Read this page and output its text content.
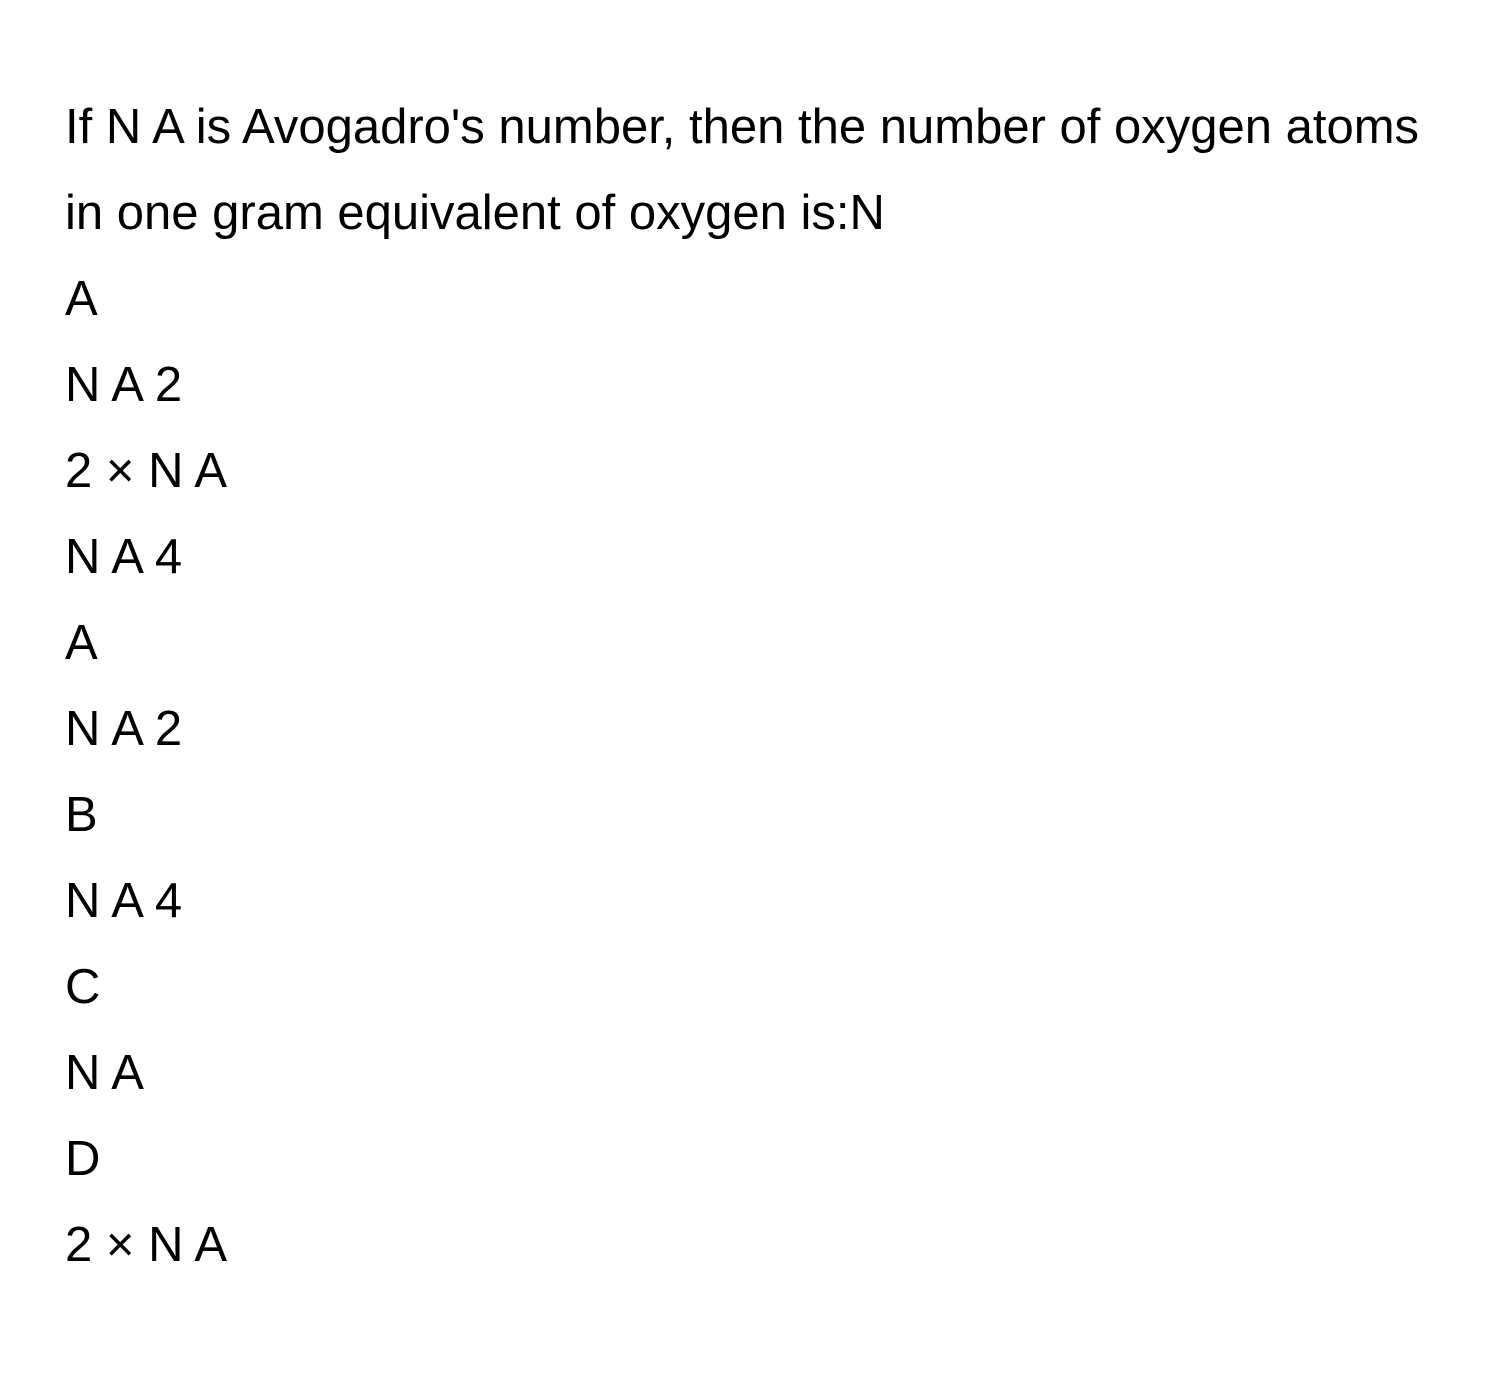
If N A is Avogadro's number, then the number of oxygen atoms in one gram equivalent of oxygen is:N

A

N A 2

2 × N A

N A 4

A

N A 2

B

N A 4

C

N A

D

2 × N A
